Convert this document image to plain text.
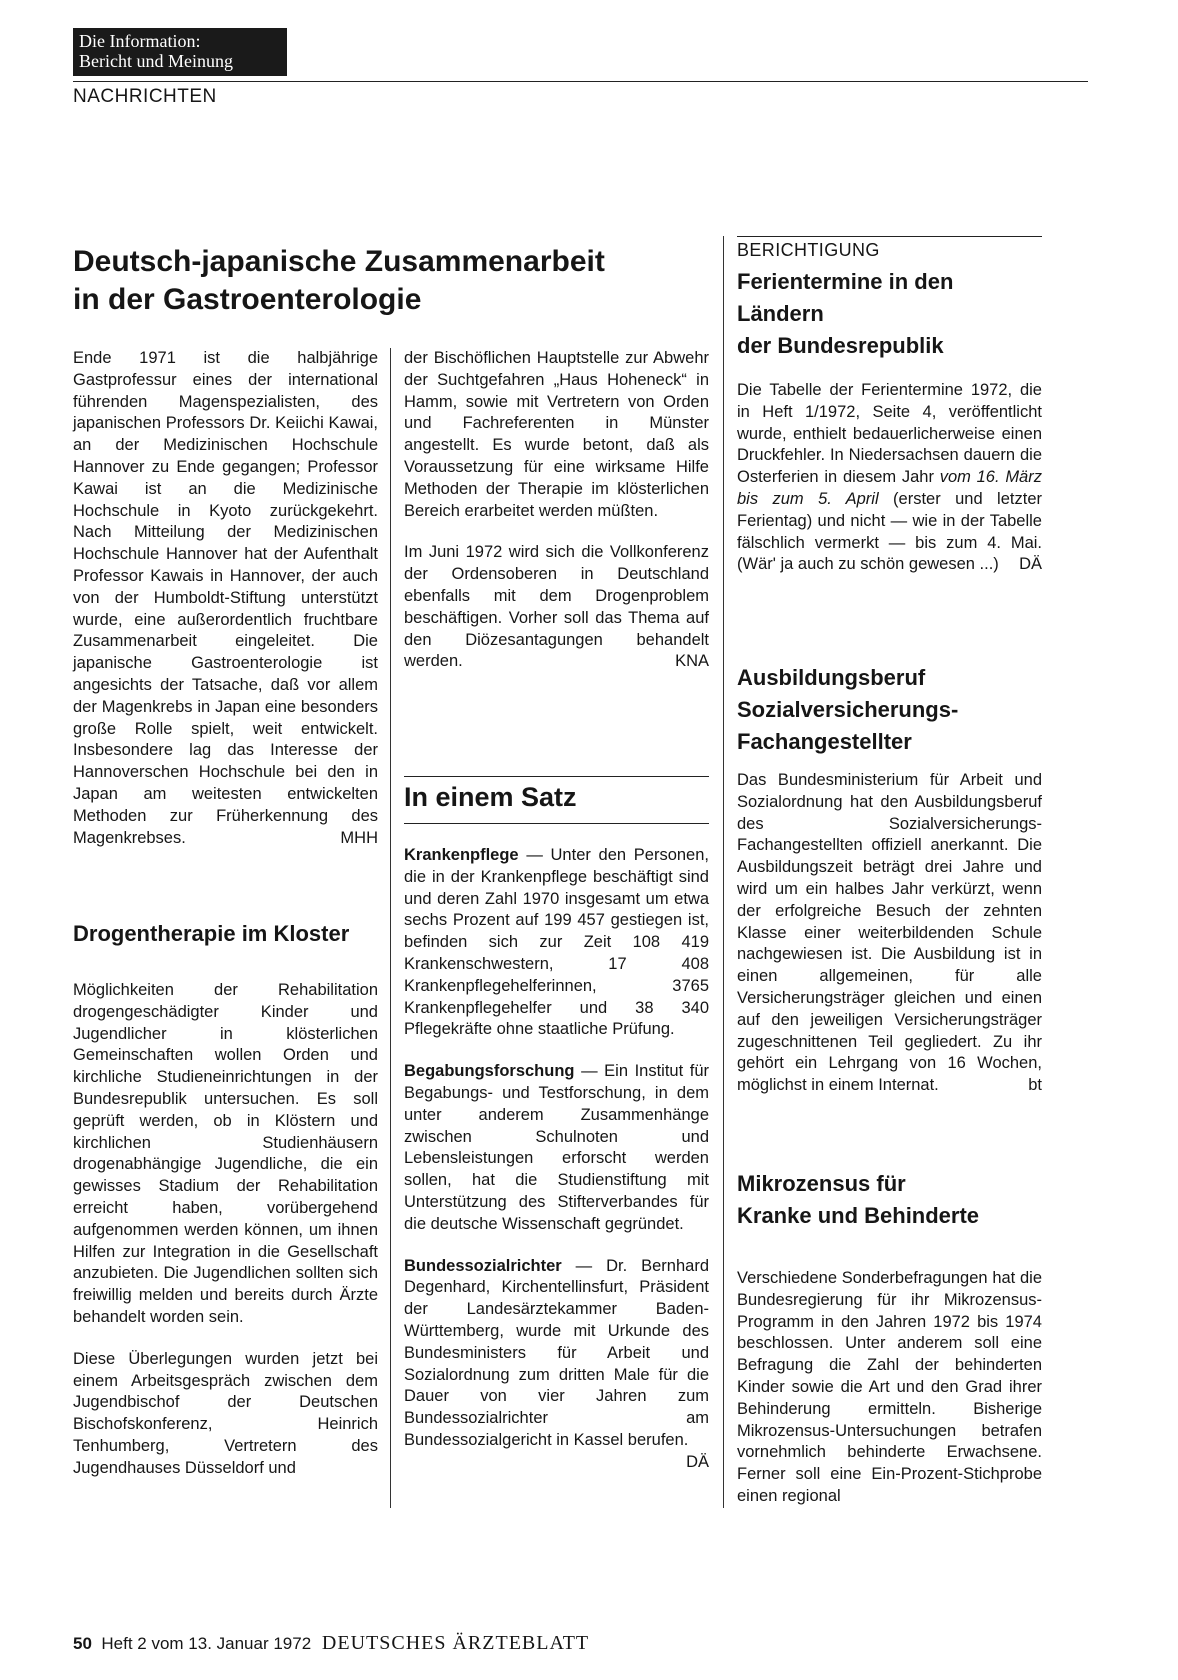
Die Information:
Bericht und Meinung
NACHRICHTEN
Deutsch-japanische Zusammenarbeit
in der Gastroenterologie

Ende 1971 ist die halbjährige Gastprofessur eines der international führenden Magenspezialisten, des japanischen Professors Dr. Keiichi Kawai, an der Medizinischen Hochschule Hannover zu Ende gegangen; Professor Kawai ist an die Medizinische Hochschule in Kyoto zurückgekehrt. Nach Mitteilung der Medizinischen Hochschule Hannover hat der Aufenthalt Professor Kawais in Hannover, der auch von der Humboldt-Stiftung unterstützt wurde, eine außerordentlich fruchtbare Zusammenarbeit eingeleitet. Die japanische Gastroenterologie ist angesichts der Tatsache, daß vor allem der Magenkrebs in Japan eine besonders große Rolle spielt, weit entwickelt. Insbesondere lag das Interesse der Hannoverschen Hochschule bei den in Japan am weitesten entwickelten Methoden zur Früherkennung des Magenkrebses.	MHH

Drogentherapie im Kloster

Möglichkeiten der Rehabilitation drogengeschädigter Kinder und Jugendlicher in klösterlichen Gemeinschaften wollen Orden und kirchliche Studieneinrichtungen in der Bundesrepublik untersuchen. Es soll geprüft werden, ob in Klöstern und kirchlichen Studienhäusern drogenabhängige Jugendliche, die ein gewisses Stadium der Rehabilitation erreicht haben, vorübergehend aufgenommen werden können, um ihnen Hilfen zur Integration in die Gesellschaft anzubieten. Die Jugendlichen sollten sich freiwillig melden und bereits durch Ärzte behandelt worden sein.

Diese Überlegungen wurden jetzt bei einem Arbeitsgespräch zwischen dem Jugendbischof der Deutschen Bischofskonferenz, Heinrich Tenhumberg, Vertretern des Jugendhauses Düsseldorf und

der Bischöflichen Hauptstelle zur Abwehr der Suchtgefahren „Haus Hoheneck“ in Hamm, sowie mit Vertretern von Orden und Fachreferenten in Münster angestellt. Es wurde betont, daß als Voraussetzung für eine wirksame Hilfe Methoden der Therapie im klösterlichen Bereich erarbeitet werden müßten.

Im Juni 1972 wird sich die Vollkonferenz der Ordensoberen in Deutschland ebenfalls mit dem Drogenproblem beschäftigen. Vorher soll das Thema auf den Diözesantagungen behandelt werden.	KNA

In einem Satz

Krankenpflege — Unter den Personen, die in der Krankenpflege beschäftigt sind und deren Zahl 1970 insgesamt um etwa sechs Prozent auf 199 457 gestiegen ist, befinden sich zur Zeit 108 419 Krankenschwestern, 17 408 Krankenpflegehelferinnen, 3765 Krankenpflegehelfer und 38 340 Pflegekräfte ohne staatliche Prüfung.

Begabungsforschung — Ein Institut für Begabungs- und Testforschung, in dem unter anderem Zusammenhänge zwischen Schulnoten und Lebensleistungen erforscht werden sollen, hat die Studienstiftung mit Unterstützung des Stifterverbandes für die deutsche Wissenschaft gegründet.

Bundessozialrichter — Dr. Bernhard Degenhard, Kirchentellinsfurt, Präsident der Landesärztekammer Baden-Württemberg, wurde mit Urkunde des Bundesministers für Arbeit und Sozialordnung zum dritten Male für die Dauer von vier Jahren zum Bundessozialrichter am Bundessozialgericht in Kassel berufen.
DÄ

BERICHTIGUNG
Ferientermine in den
Ländern
der Bundesrepublik

Die Tabelle der Ferientermine 1972, die in Heft 1/1972, Seite 4, veröffentlicht wurde, enthielt bedauerlicherweise einen Druckfehler. In Niedersachsen dauern die Osterferien in diesem Jahr vom 16. März bis zum 5. April (erster und letzter Ferientag) und nicht — wie in der Tabelle fälschlich vermerkt — bis zum 4. Mai. (Wär' ja auch zu schön gewesen ...) DÄ

Ausbildungsberuf
Sozialversicherungs-
Fachangestellter

Das Bundesministerium für Arbeit und Sozialordnung hat den Ausbildungsberuf des Sozialversicherungs-Fachangestellten offiziell anerkannt. Die Ausbildungszeit beträgt drei Jahre und wird um ein halbes Jahr verkürzt, wenn der erfolgreiche Besuch der zehnten Klasse einer weiterbildenden Schule nachgewiesen ist. Die Ausbildung ist in einen allgemeinen, für alle Versicherungsträger gleichen und einen auf den jeweiligen Versicherungsträger zugeschnittenen Teil gegliedert. Zu ihr gehört ein Lehrgang von 16 Wochen, möglichst in einem Internat.	bt

Mikrozensus für
Kranke und Behinderte

Verschiedene Sonderbefragungen hat die Bundesregierung für ihr Mikrozensus-Programm in den Jahren 1972 bis 1974 beschlossen. Unter anderem soll eine Befragung die Zahl der behinderten Kinder sowie die Art und den Grad ihrer Behinderung ermitteln. Bisherige Mikrozensus-Untersuchungen betrafen vornehmlich behinderte Erwachsene. Ferner soll eine Ein-Prozent-Stichprobe einen regional

50 Heft 2 vom 13. Januar 1972 DEUTSCHES ÄRZTEBLATT
